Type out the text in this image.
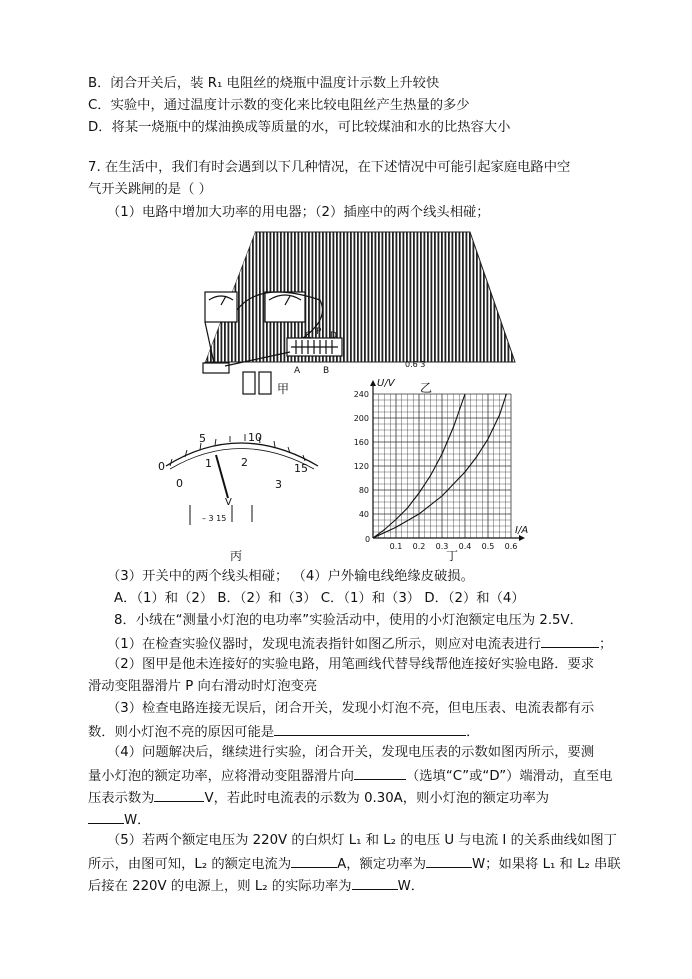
B．闭合开关后，装 R₁ 电阻丝的烧瓶中温度计示数上升较快
C．实验中，通过温度计示数的变化来比较电阻丝产生热量的多少
D．将某一烧瓶中的煤油换成等质量的水，可比较煤油和水的比热容大小
7. 在生活中，我们有时会遇到以下几种情况，在下述情况中可能引起家庭电路中空
气开关跳闸的是（ ）
（1）电路中增加大功率的用电器；（2）插座中的两个线头相碰；
甲
A	B
C D
P
0.6 3
乙
0
5	10
15
0
1	2
3
V
– 3 15
丙
240
200
160
120
80
40
0.1 0.2 0.3 0.4 0.5 0.6
0
U/V
I/A
丁
（3）开关中的两个线头相碰； （4）户外输电线绝缘皮破损。
A．（1）和（2） B．（2）和（3） C．（1）和（3） D．（2）和（4）
8．小绒在“测量小灯泡的电功率”实验活动中，使用的小灯泡额定电压为 2.5V．
（1）在检查实验仪器时，发现电流表指针如图乙所示，则应对电流表进行	；
（2）图甲是他未连接好的实验电路，用笔画线代替导线帮他连接好实验电路．要求
滑动变阻器滑片 P 向右滑动时灯泡变亮
（3）检查电路连接无误后，闭合开关，发现小灯泡不亮，但电压表、电流表都有示
数．则小灯泡不亮的原因可能是	．
（4）问题解决后，继续进行实验，闭合开关，发现电压表的示数如图丙所示，要测
量小灯泡的额定功率，应将滑动变阻器滑片向	（选填“C”或“D”）端滑动，直至电
压表示数为	V，若此时电流表的示数为 0.30A，则小灯泡的额定功率为
W．
（5）若两个额定电压为 220V 的白炽灯 L₁ 和 L₂ 的电压 U 与电流 I 的关系曲线如图丁
所示，由图可知，L₂ 的额定电流为	A，额定功率为	W；如果将 L₁ 和 L₂ 串联
后接在 220V 的电源上，则 L₂ 的实际功率为	W．
